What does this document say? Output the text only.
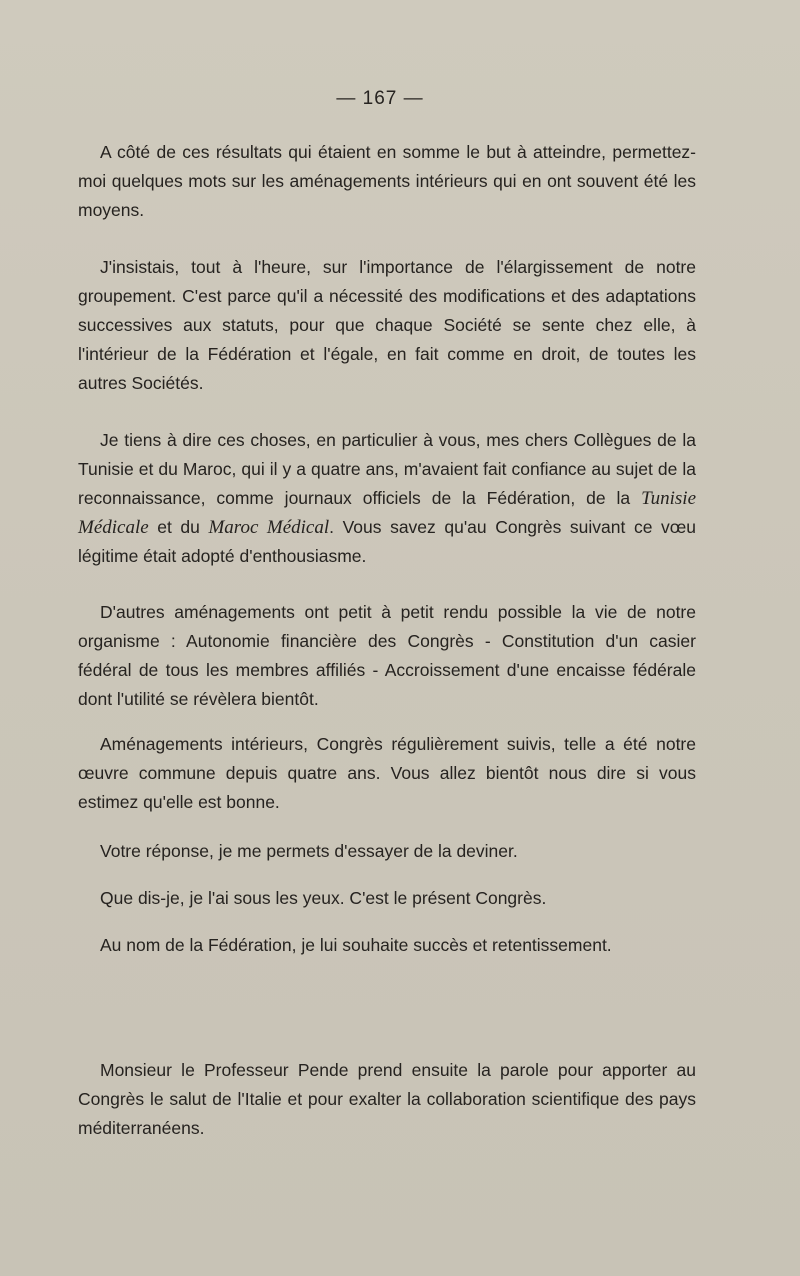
— 167 —

A côté de ces résultats qui étaient en somme le but à atteindre, permettez-moi quelques mots sur les aménagements intérieurs qui en ont souvent été les moyens.

J'insistais, tout à l'heure, sur l'importance de l'élargissement de notre groupement. C'est parce qu'il a nécessité des modifications et des adaptations successives aux statuts, pour que chaque Société se sente chez elle, à l'intérieur de la Fédération et l'égale, en fait comme en droit, de toutes les autres Sociétés.

Je tiens à dire ces choses, en particulier à vous, mes chers Collègues de la Tunisie et du Maroc, qui il y a quatre ans, m'avaient fait confiance au sujet de la reconnaissance, comme journaux officiels de la Fédération, de la Tunisie Médicale et du Maroc Médical. Vous savez qu'au Congrès suivant ce vœu légitime était adopté d'enthousiasme.

D'autres aménagements ont petit à petit rendu possible la vie de notre organisme : Autonomie financière des Congrès - Constitution d'un casier fédéral de tous les membres affiliés - Accroissement d'une encaisse fédérale dont l'utilité se révèlera bientôt.

Aménagements intérieurs, Congrès régulièrement suivis, telle a été notre œuvre commune depuis quatre ans. Vous allez bientôt nous dire si vous estimez qu'elle est bonne.

Votre réponse, je me permets d'essayer de la deviner.

Que dis-je, je l'ai sous les yeux. C'est le présent Congrès.

Au nom de la Fédération, je lui souhaite succès et retentissement.

Monsieur le Professeur Pende prend ensuite la parole pour apporter au Congrès le salut de l'Italie et pour exalter la collaboration scientifique des pays méditerranéens.
